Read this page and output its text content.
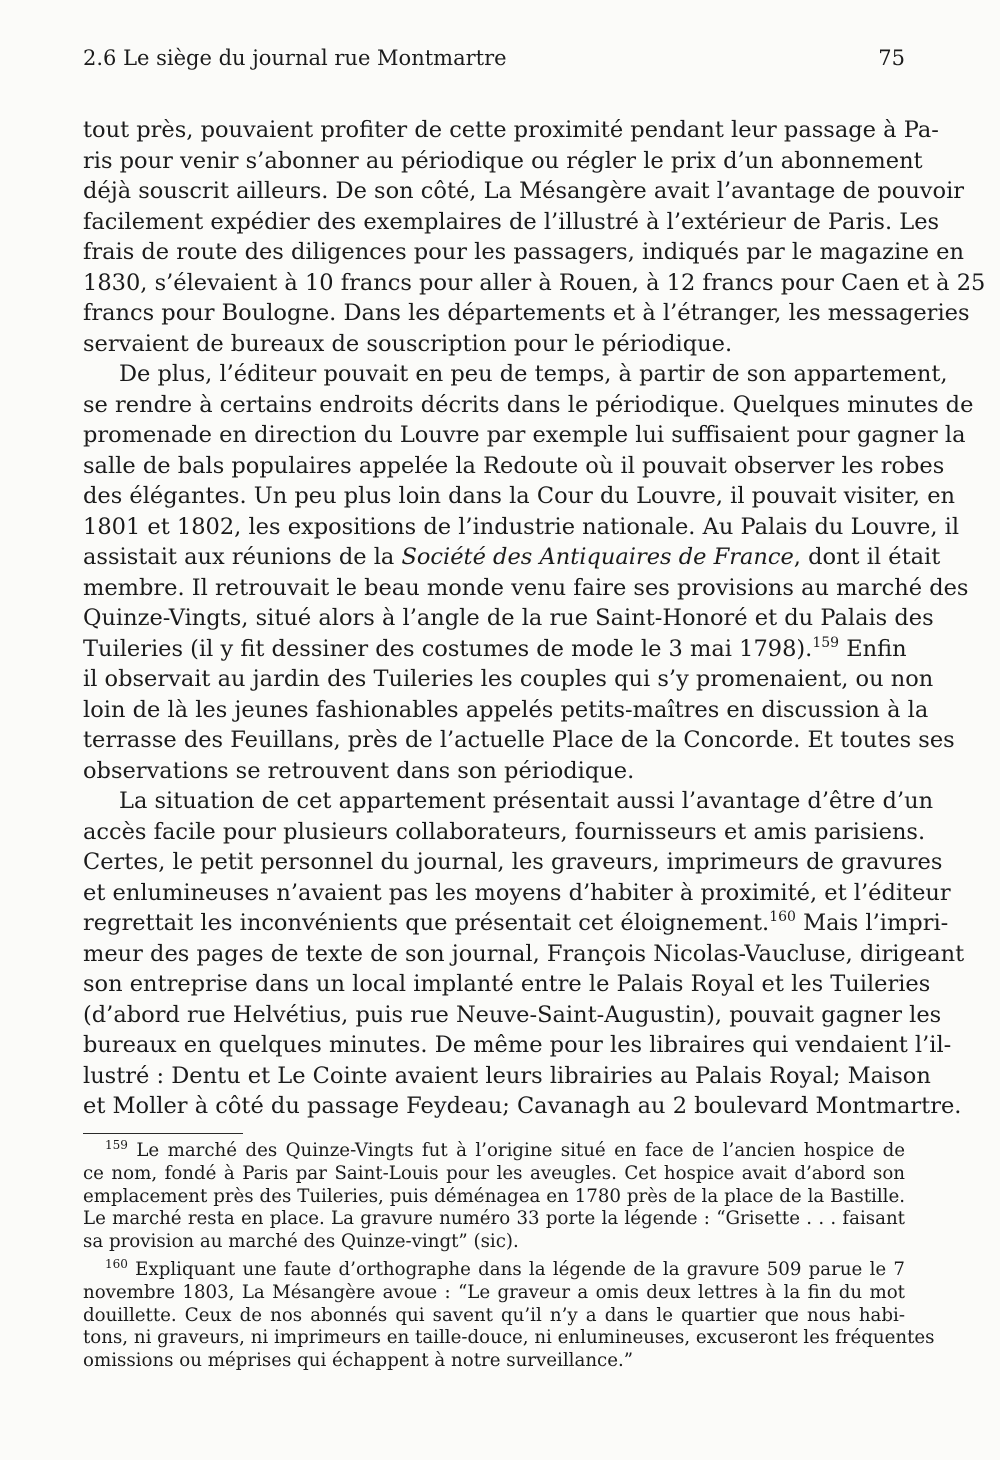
2.6 Le siège du journal rue Montmartre	75
tout près, pouvaient profiter de cette proximité pendant leur passage à Pa-
ris pour venir s’abonner au périodique ou régler le prix d’un abonnement
déjà souscrit ailleurs. De son côté, La Mésangère avait l’avantage de pouvoir
facilement expédier des exemplaires de l’illustré à l’extérieur de Paris. Les
frais de route des diligences pour les passagers, indiqués par le magazine en
1830, s’élevaient à 10 francs pour aller à Rouen, à 12 francs pour Caen et à 25
francs pour Boulogne. Dans les départements et à l’étranger, les messageries
servaient de bureaux de souscription pour le périodique.
De plus, l’éditeur pouvait en peu de temps, à partir de son appartement,
se rendre à certains endroits décrits dans le périodique. Quelques minutes de
promenade en direction du Louvre par exemple lui suffisaient pour gagner la
salle de bals populaires appelée la Redoute où il pouvait observer les robes
des élégantes. Un peu plus loin dans la Cour du Louvre, il pouvait visiter, en
1801 et 1802, les expositions de l’industrie nationale. Au Palais du Louvre, il
assistait aux réunions de la Société des Antiquaires de France, dont il était
membre. Il retrouvait le beau monde venu faire ses provisions au marché des
Quinze-Vingts, situé alors à l’angle de la rue Saint-Honoré et du Palais des
Tuileries (il y fit dessiner des costumes de mode le 3 mai 1798).$^{159}$ Enfin
il observait au jardin des Tuileries les couples qui s’y promenaient, ou non
loin de là les jeunes fashionables appelés petits-maîtres en discussion à la
terrasse des Feuillans, près de l’actuelle Place de la Concorde. Et toutes ses
observations se retrouvent dans son périodique.
La situation de cet appartement présentait aussi l’avantage d’être d’un
accès facile pour plusieurs collaborateurs, fournisseurs et amis parisiens.
Certes, le petit personnel du journal, les graveurs, imprimeurs de gravures
et enlumineuses n’avaient pas les moyens d’habiter à proximité, et l’éditeur
regrettait les inconvénients que présentait cet éloignement.$^{160}$ Mais l’impri-
meur des pages de texte de son journal, François Nicolas-Vaucluse, dirigeant
son entreprise dans un local implanté entre le Palais Royal et les Tuileries
(d’abord rue Helvétius, puis rue Neuve-Saint-Augustin), pouvait gagner les
bureaux en quelques minutes. De même pour les libraires qui vendaient l’il-
lustré : Dentu et Le Cointe avaient leurs librairies au Palais Royal; Maison
et Moller à côté du passage Feydeau; Cavanagh au 2 boulevard Montmartre.
$^{159}$ Le marché des Quinze-Vingts fut à l’origine situé en face de l’ancien hospice de
ce nom, fondé à Paris par Saint-Louis pour les aveugles. Cet hospice avait d’abord son
emplacement près des Tuileries, puis déménagea en 1780 près de la place de la Bastille.
Le marché resta en place. La gravure numéro 33 porte la légende : “Grisette . . . faisant
sa provision au marché des Quinze-vingt” (sic).
$^{160}$ Expliquant une faute d’orthographe dans la légende de la gravure 509 parue le 7
novembre 1803, La Mésangère avoue : “Le graveur a omis deux lettres à la fin du mot
douillette. Ceux de nos abonnés qui savent qu’il n’y a dans le quartier que nous habi-
tons, ni graveurs, ni imprimeurs en taille-douce, ni enlumineuses, excuseront les fréquentes
omissions ou méprises qui échappent à notre surveillance.”
